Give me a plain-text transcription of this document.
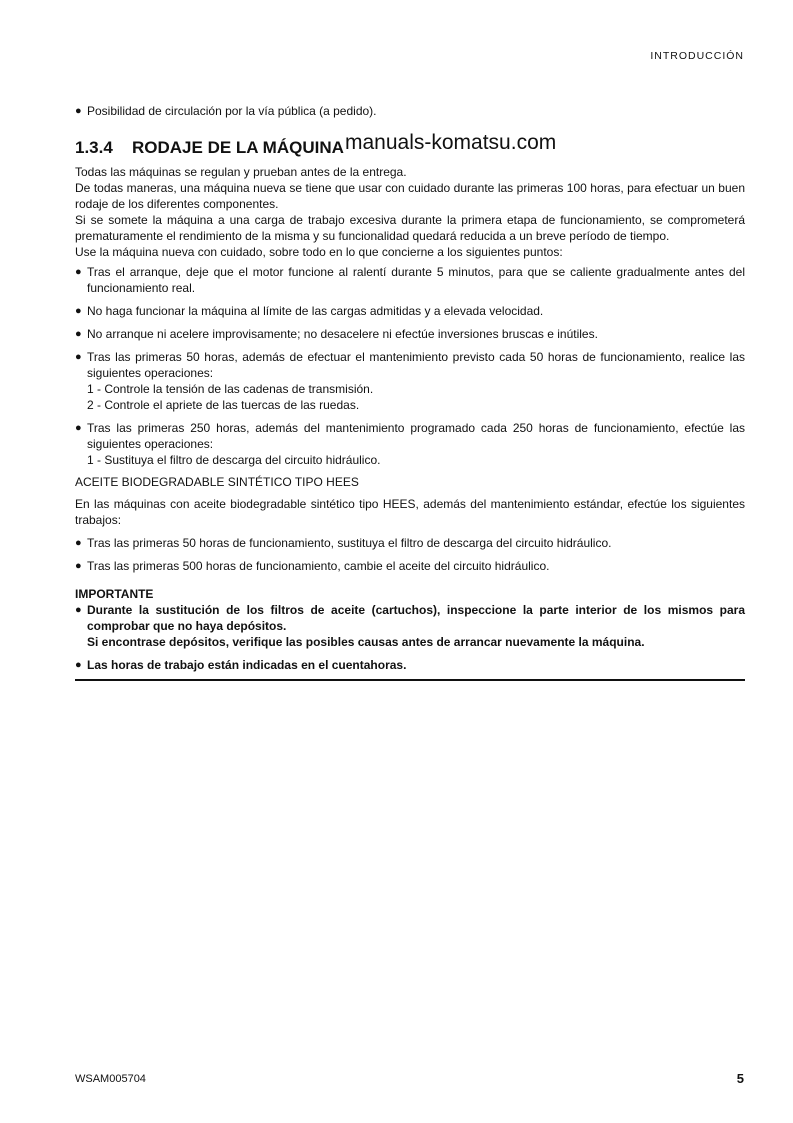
INTRODUCCIÓN
manuals-komatsu.com
● Posibilidad de circulación por la vía pública (a pedido).
1.3.4 RODAJE DE LA MÁQUINA
Todas las máquinas se regulan y prueban antes de la entrega.
De todas maneras, una máquina nueva se tiene que usar con cuidado durante las primeras 100 horas, para efectuar un buen rodaje de los diferentes componentes.
Si se somete la máquina a una carga de trabajo excesiva durante la primera etapa de funcionamiento, se comprometerá prematuramente el rendimiento de la misma y su funcionalidad quedará reducida a un breve período de tiempo.
Use la máquina nueva con cuidado, sobre todo en lo que concierne a los siguientes puntos:
● Tras el arranque, deje que el motor funcione al ralentí durante 5 minutos, para que se caliente gradualmente antes del funcionamiento real.
● No haga funcionar la máquina al límite de las cargas admitidas y a elevada velocidad.
● No arranque ni acelere improvisamente; no desacelere ni efectúe inversiones bruscas e inútiles.
● Tras las primeras 50 horas, además de efectuar el mantenimiento previsto cada 50 horas de funcionamiento, realice las siguientes operaciones:
1 - Controle la tensión de las cadenas de transmisión.
2 - Controle el apriete de las tuercas de las ruedas.
● Tras las primeras 250 horas, además del mantenimiento programado cada 250 horas de funcionamiento, efectúe las siguientes operaciones:
1 - Sustituya el filtro de descarga del circuito hidráulico.
ACEITE BIODEGRADABLE SINTÉTICO TIPO HEES
En las máquinas con aceite biodegradable sintético tipo HEES, además del mantenimiento estándar, efectúe los siguientes trabajos:
● Tras las primeras 50 horas de funcionamiento, sustituya el filtro de descarga del circuito hidráulico.
● Tras las primeras 500 horas de funcionamiento, cambie el aceite del circuito hidráulico.
IMPORTANTE
● Durante la sustitución de los filtros de aceite (cartuchos), inspeccione la parte interior de los mismos para comprobar que no haya depósitos.
Si encontrase depósitos, verifique las posibles causas antes de arrancar nuevamente la máquina.
● Las horas de trabajo están indicadas en el cuentahoras.
WSAM005704	5
